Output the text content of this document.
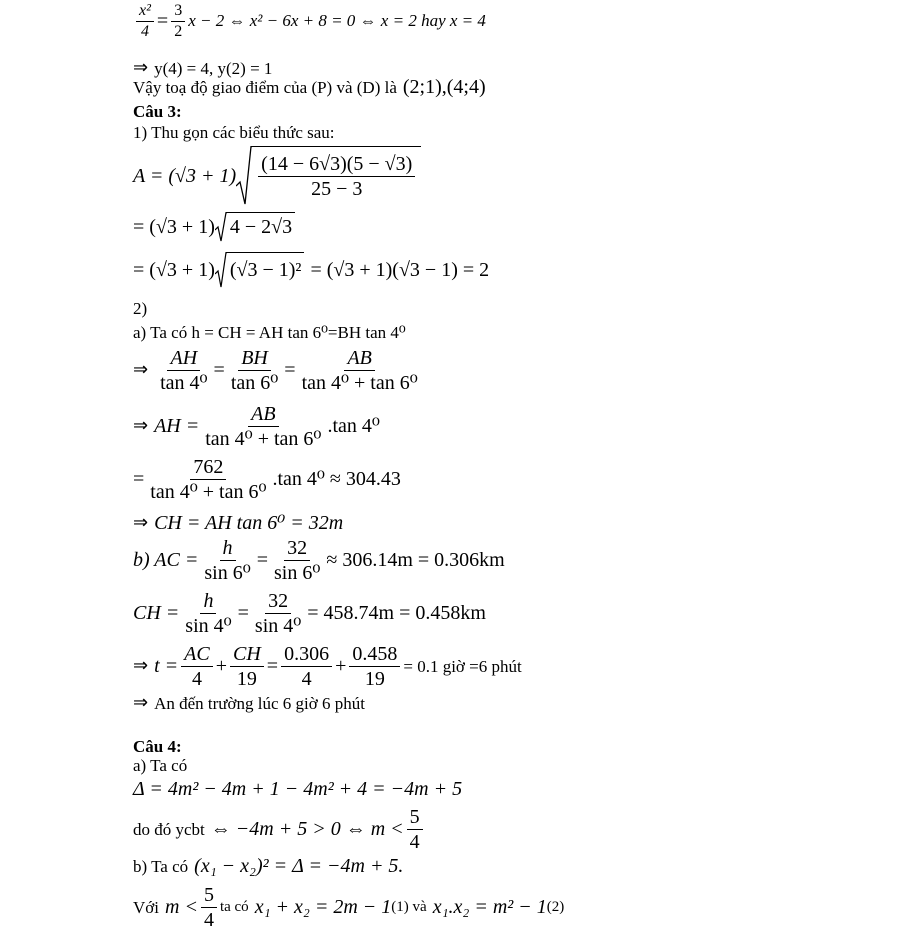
$\frac{\text{x²}}{4} = \frac{3}{2}$ x − 2 ⇔ x² − 6x + 8 = 0 ⇔ x = 2 hay x = 4
⇒ y(4) = 4, y(2) = 1
Vậy toạ độ giao điểm của (P) và (D) là (2;1),(4;4)
Câu 3:
1) Thu gọn các biểu thức sau:
$A = (√3 + 1) \frac{(14 - 6√3)(5 - √3)}{25 - 3}$
= (√3 + 1) 4 − 2√3
= (√3 + 1) (√3 − 1)² = (√3 + 1)(√3 − 1) = 2
2)
a) Ta có h = CH = AH tan 6⁰=BH tan 4⁰
⇒ $\frac{AH}{\text{tan 4⁰}} = \frac{BH}{\text{tan 6⁰}} = \frac{AB}{\text{tan 4⁰ + tan 6⁰}}$
⇒ AH = $\frac{AB}{\text{tan 4⁰ + tan 6⁰}} .\tan$ 4⁰
= $\frac{762}{\text{tan 4⁰ + tan 6⁰}} .\tan$ 4⁰ ≈ 304.43
⇒ CH = AH tan 6⁰ = 32m
b) AC = $\frac{h}{\text{sin 6⁰}} = \frac{32}{\text{sin 6⁰}} \approx 306.14m = 0.306km$
CH = $\frac{h}{\text{sin 4⁰}} = \frac{32}{\text{sin 4⁰}} = 458.74m = 0.458km$
⇒ $t = \frac{AC}{4} + \frac{CH}{19} = \frac{0.306}{4} + \frac{0.458}{19} = 0.1$ giờ =6 phút
⇒ An đến trường lúc 6 giờ 6 phút
Câu 4:
a) Ta có
Δ = 4m² − 4m + 1 − 4m² + 4 = −4m + 5
do đó ycbt ⇔ −4m + 5 > 0 ⇔ $m < \frac{5}{4}$
b) Ta có (x₁ − x₂)² = Δ = −4m + 5.
Với $m < \frac{5}{4}$ ta có x₁ + x₂ = 2m − 1 (1) và x₁.x₂ = m² − 1 (2)
